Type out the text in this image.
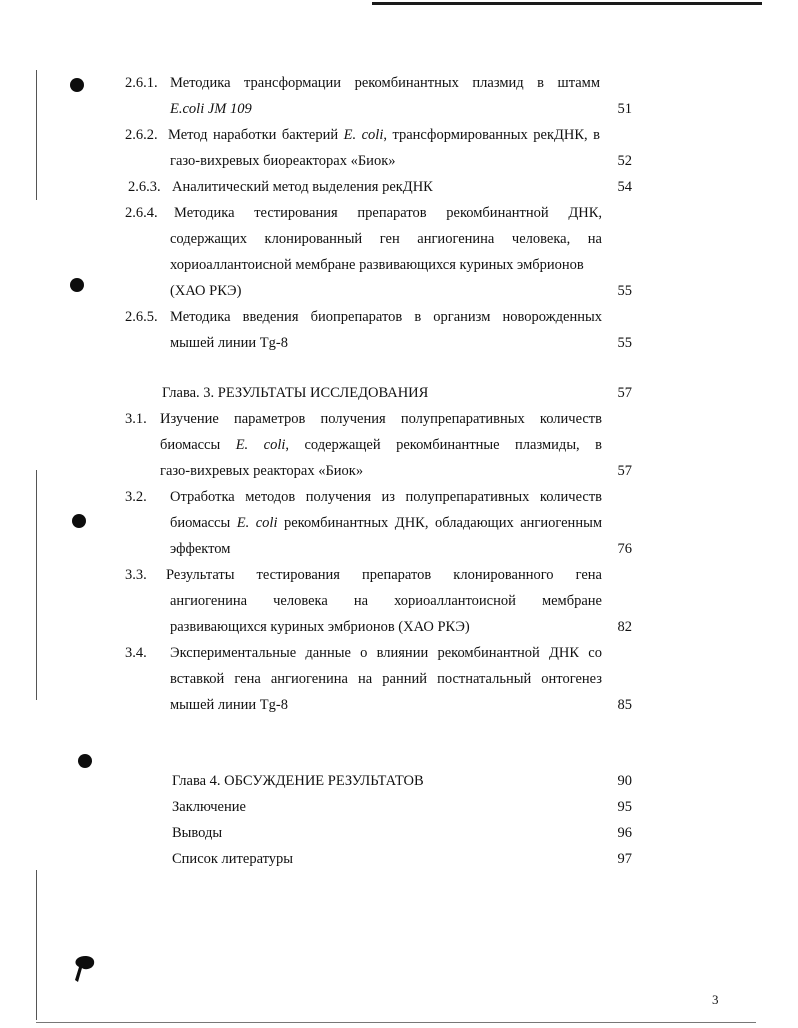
2.6.1. Методика трансформации рекомбинантных плазмид в штамм
E.coli JM 109	51
2.6.2. Метод наработки бактерий E. coli, трансформированных рекДНК, в
газо-вихревых биореакторах «Биок»	52
2.6.3. Аналитический метод выделения рекДНК	54
2.6.4. Методика тестирования препаратов рекомбинантной ДНК,
содержащих клонированный ген ангиогенина человека, на
хориоаллантоисной мембране развивающихся куриных эмбрионов
(ХАО РКЭ)	55
2.6.5. Методика введения биопрепаратов в организм новорожденных
мышей линии Tg-8	55
Глава. 3. РЕЗУЛЬТАТЫ ИССЛЕДОВАНИЯ	57
3.1. Изучение параметров получения полупрепаративных количеств
биомассы E. coli, содержащей рекомбинантные плазмиды, в
газо-вихревых реакторах «Биок»	57
3.2. Отработка методов получения из полупрепаративных количеств
биомассы E. coli рекомбинантных ДНК, обладающих ангиогенным
эффектом	76
3.3. Результаты тестирования препаратов клонированного гена
ангиогенина человека на хориоаллантоисной мембране
развивающихся куриных эмбрионов (ХАО РКЭ)	82
3.4. Экспериментальные данные о влиянии рекомбинантной ДНК со
вставкой гена ангиогенина на ранний постнатальный онтогенез
мышей линии Tg-8	85
Глава 4. ОБСУЖДЕНИЕ РЕЗУЛЬТАТОВ	90
Заключение	95
Выводы	96
Список литературы	97
3
